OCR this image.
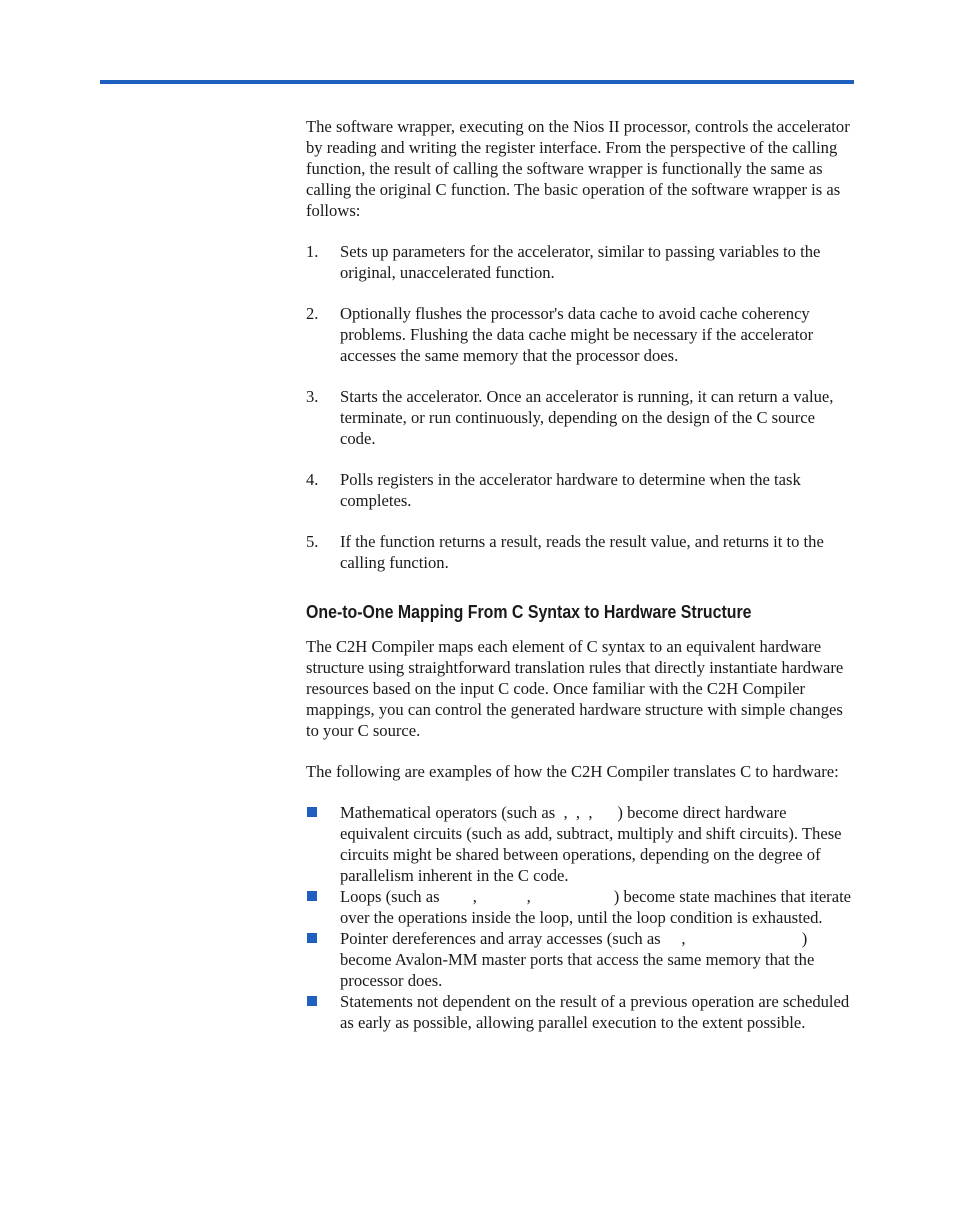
The software wrapper, executing on the Nios II processor, controls the accelerator by reading and writing the register interface. From the perspective of the calling function, the result of calling the software wrapper is functionally the same as calling the original C function. The basic operation of the software wrapper is as follows:

1. Sets up parameters for the accelerator, similar to passing variables to the original, unaccelerated function.
2. Optionally flushes the processor's data cache to avoid cache coherency problems. Flushing the data cache might be necessary if the accelerator accesses the same memory that the processor does.
3. Starts the accelerator. Once an accelerator is running, it can return a value, terminate, or run continuously, depending on the design of the C source code.
4. Polls registers in the accelerator hardware to determine when the task completes.
5. If the function returns a result, reads the result value, and returns it to the calling function.
One-to-One Mapping From C Syntax to Hardware Structure

The C2H Compiler maps each element of C syntax to an equivalent hardware structure using straightforward translation rules that directly instantiate hardware resources based on the input C code. Once familiar with the C2H Compiler mappings, you can control the generated hardware structure with simple changes to your C source.

The following are examples of how the C2H Compiler translates C to hardware:

Mathematical operators (such as  ,  ,  ,      ) become direct hardware equivalent circuits (such as add, subtract, multiply and shift circuits). These circuits might be shared between operations, depending on the degree of parallelism inherent in the C code.
Loops (such as        ,            ,                    ) become state machines that iterate over the operations inside the loop, until the loop condition is exhausted.
Pointer dereferences and array accesses (such as     ,                            ) become Avalon-MM master ports that access the same memory that the processor does.
Statements not dependent on the result of a previous operation are scheduled as early as possible, allowing parallel execution to the extent possible.
